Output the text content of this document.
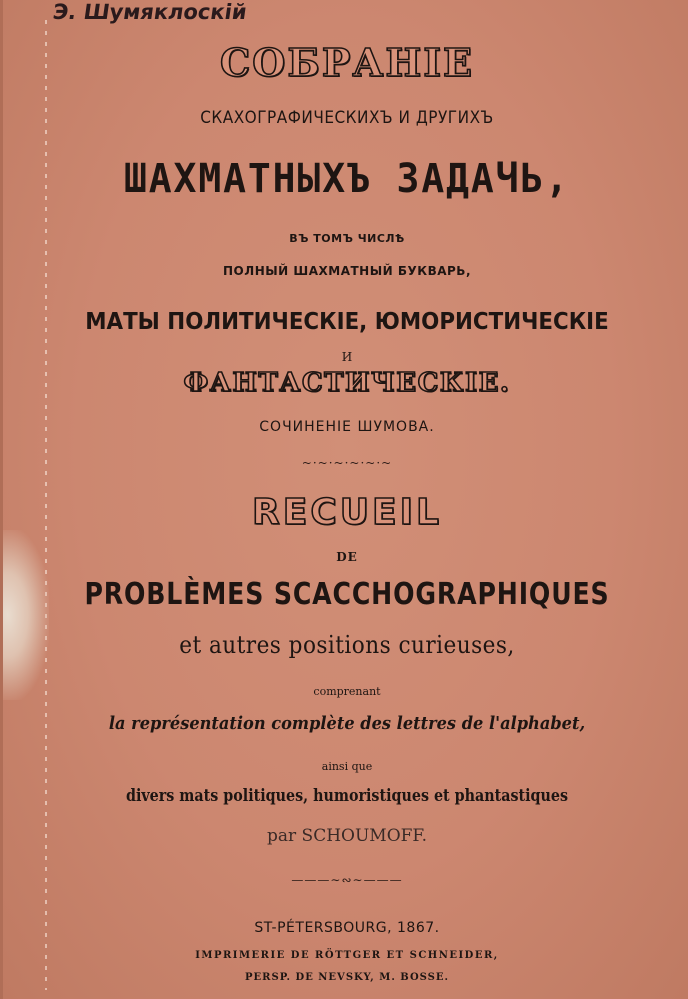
Э. Шумяклоcкій
СОБРАНІЕ
СКАХОГРАФИЧЕСКИХЪ И ДРУГИХЪ
ШАХМАТНЫХЪ ЗАДАЧЬ,
ВЪ ТОМЪ ЧИСЛѢ
ПОЛНЫЙ ШАХМАТНЫЙ БУКВАРЬ,
МАТЫ ПОЛИТИЧЕСКІЕ, ЮМОРИСТИЧЕСКІЕ
И
ФАНТАСТИЧЕСКІЕ.
СОЧИНЕНІЕ ШУМОВА.
~·~·~·~·~·~
RECUEIL
DE
PROBLÈMES SCACCHOGRAPHIQUES
et autres positions curieuses,
comprenant
la représentation complète des lettres de l'alphabet,
ainsi que
divers mats politiques, humoristiques et phantastiques
par SCHOUMOFF.
———∼∾∼———
ST-PÉTERSBOURG, 1867.
IMPRIMERIE DE RÖTTGER ET SCHNEIDER,
PERSP. DE NEVSKY, M. BOSSE.
